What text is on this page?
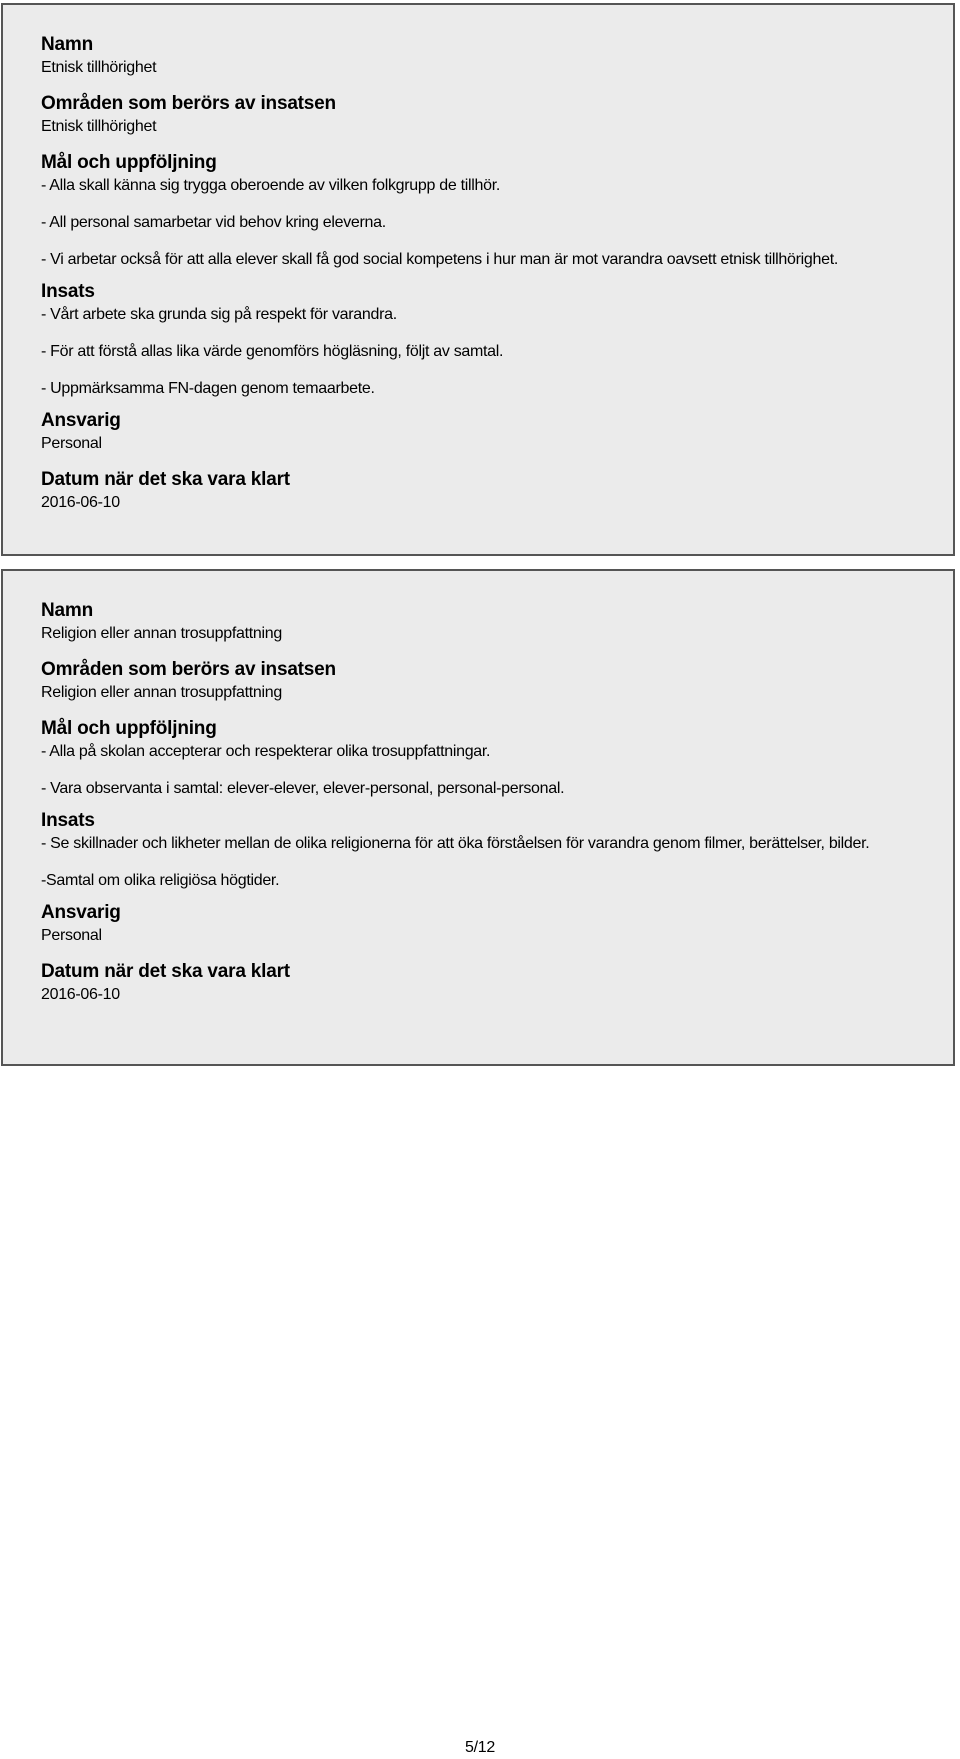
Namn

Etnisk tillhörighet

Områden som berörs av insatsen

Etnisk tillhörighet

Mål och uppföljning

- Alla skall känna sig trygga oberoende av vilken folkgrupp de tillhör.

- All personal samarbetar vid behov kring eleverna.

- Vi arbetar också för att alla elever skall få god social kompetens i hur man är mot varandra oavsett etnisk tillhörighet.

Insats

- Vårt arbete ska grunda sig på respekt för varandra.

- För att förstå allas lika värde genomförs högläsning, följt av samtal.

- Uppmärksamma FN-dagen genom temaarbete.

Ansvarig

Personal

Datum när det ska vara klart

2016-06-10

Namn

Religion eller annan trosuppfattning

Områden som berörs av insatsen

Religion eller annan trosuppfattning

Mål och uppföljning

- Alla på skolan accepterar och respekterar olika trosuppfattningar.

- Vara observanta i samtal: elever-elever, elever-personal, personal-personal.

Insats

- Se skillnader och likheter mellan de olika religionerna för att öka förståelsen för varandra genom filmer, berättelser, bilder.

-Samtal om olika religiösa högtider.

Ansvarig

Personal

Datum när det ska vara klart

2016-06-10

5/12
